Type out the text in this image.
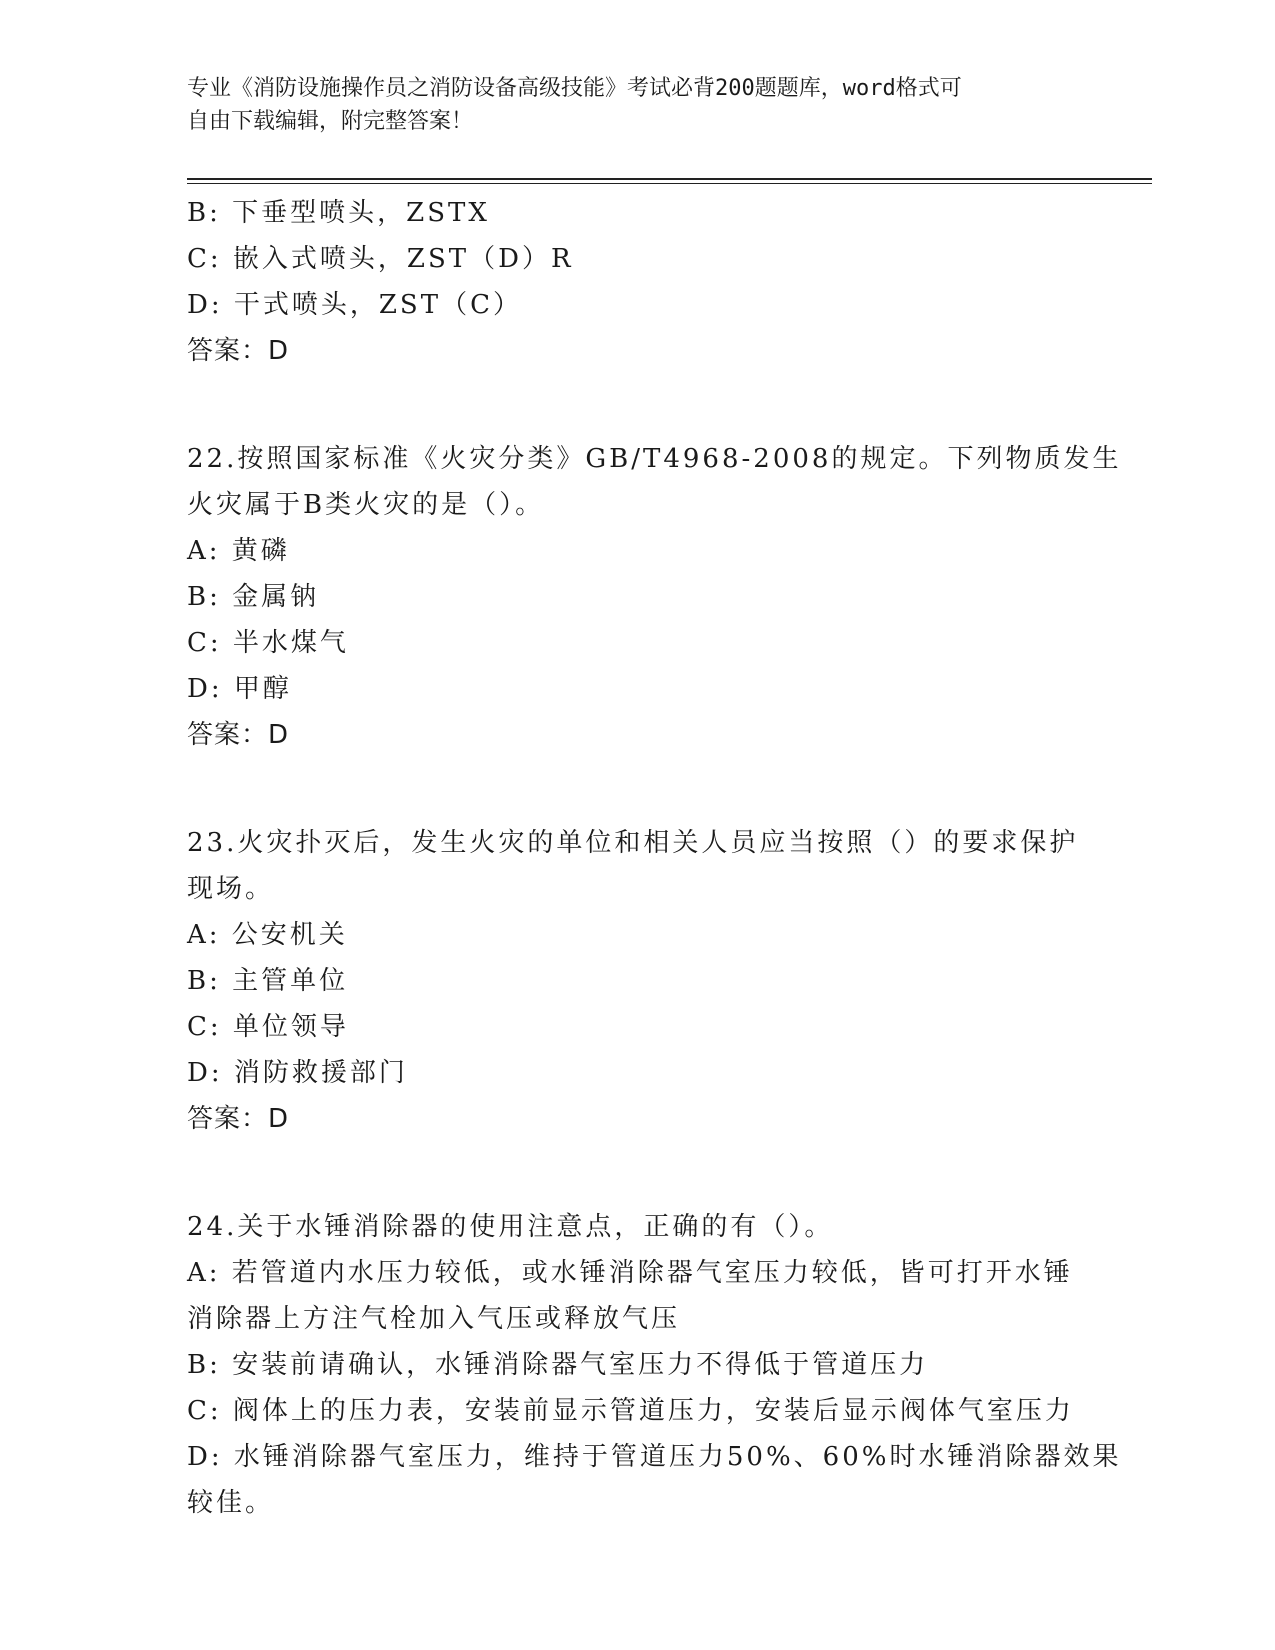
专业《消防设施操作员之消防设备高级技能》考试必背200题题库，word格式可
自由下载编辑，附完整答案！
B: 下垂型喷头，ZSTX
C: 嵌入式喷头，ZST（D）R
D: 干式喷头，ZST（C）
答案：D
22.按照国家标准《火灾分类》GB/T4968-2008的规定。下列物质发生
火灾属于B类火灾的是（）。
A: 黄磷
B: 金属钠
C: 半水煤气
D: 甲醇
答案：D
23.火灾扑灭后，发生火灾的单位和相关人员应当按照（）的要求保护
现场。
A: 公安机关
B: 主管单位
C: 单位领导
D: 消防救援部门
答案：D
24.关于水锤消除器的使用注意点，正确的有（）。
A: 若管道内水压力较低，或水锤消除器气室压力较低，皆可打开水锤
消除器上方注气栓加入气压或释放气压
B: 安装前请确认，水锤消除器气室压力不得低于管道压力
C: 阀体上的压力表，安装前显示管道压力，安装后显示阀体气室压力
D: 水锤消除器气室压力，维持于管道压力50%、60%时水锤消除器效果
较佳。
